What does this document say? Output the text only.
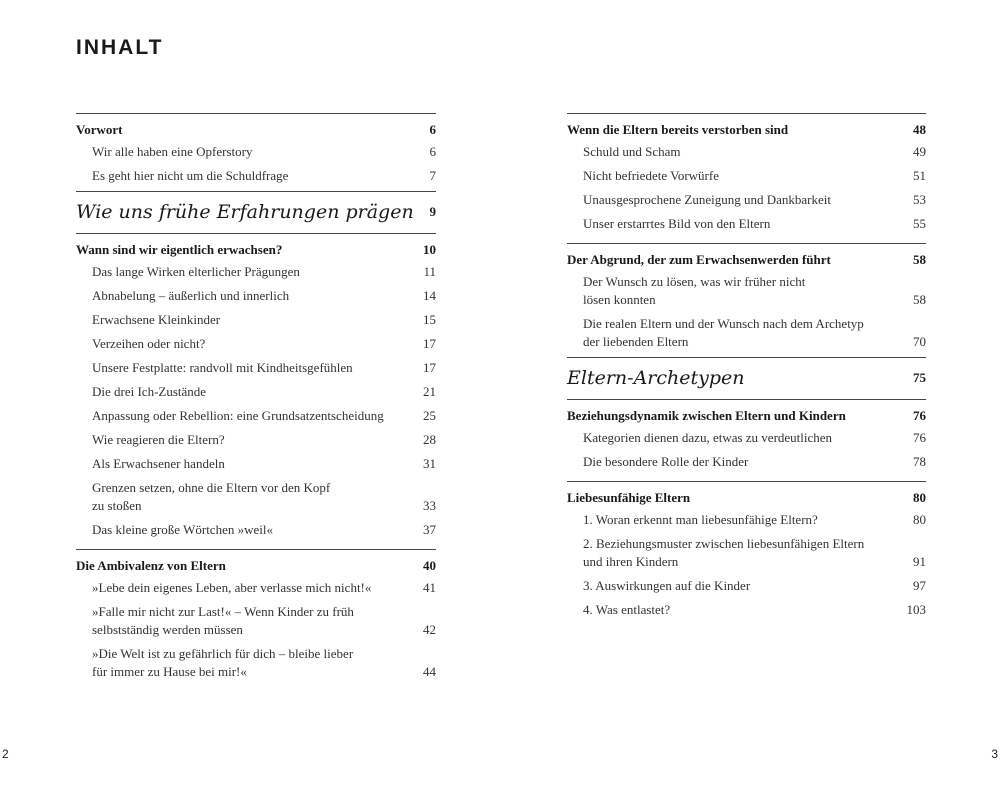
INHALT
Vorwort	6
Wir alle haben eine Opferstory	6
Es geht hier nicht um die Schuldfrage	7
Wie uns frühe Erfahrungen prägen	9
Wann sind wir eigentlich erwachsen?	10
Das lange Wirken elterlicher Prägungen	11
Abnabelung – äußerlich und innerlich	14
Erwachsene Kleinkinder	15
Verzeihen oder nicht?	17
Unsere Festplatte: randvoll mit Kindheitsgefühlen	17
Die drei Ich-Zustände	21
Anpassung oder Rebellion: eine Grundsatzentscheidung	25
Wie reagieren die Eltern?	28
Als Erwachsener handeln	31
Grenzen setzen, ohne die Eltern vor den Kopf
zu stoßen	33
Das kleine große Wörtchen »weil«	37
Die Ambivalenz von Eltern	40
»Lebe dein eigenes Leben, aber verlasse mich nicht!«	41
»Falle mir nicht zur Last!« – Wenn Kinder zu früh
selbstständig werden müssen	42
»Die Welt ist zu gefährlich für dich – bleibe lieber
für immer zu Hause bei mir!«	44
Wenn die Eltern bereits verstorben sind	48
Schuld und Scham	49
Nicht befriedete Vorwürfe	51
Unausgesprochene Zuneigung und Dankbarkeit	53
Unser erstarrtes Bild von den Eltern	55
Der Abgrund, der zum Erwachsenwerden führt	58
Der Wunsch zu lösen, was wir früher nicht
lösen konnten	58
Die realen Eltern und der Wunsch nach dem Archetyp
der liebenden Eltern	70
Eltern-Archetypen	75
Beziehungsdynamik zwischen Eltern und Kindern	76
Kategorien dienen dazu, etwas zu verdeutlichen	76
Die besondere Rolle der Kinder	78
Liebesunfähige Eltern	80
1. Woran erkennt man liebesunfähige Eltern?	80
2. Beziehungsmuster zwischen liebesunfähigen Eltern
und ihren Kindern	91
3. Auswirkungen auf die Kinder	97
4. Was entlastet?	103
2	3
